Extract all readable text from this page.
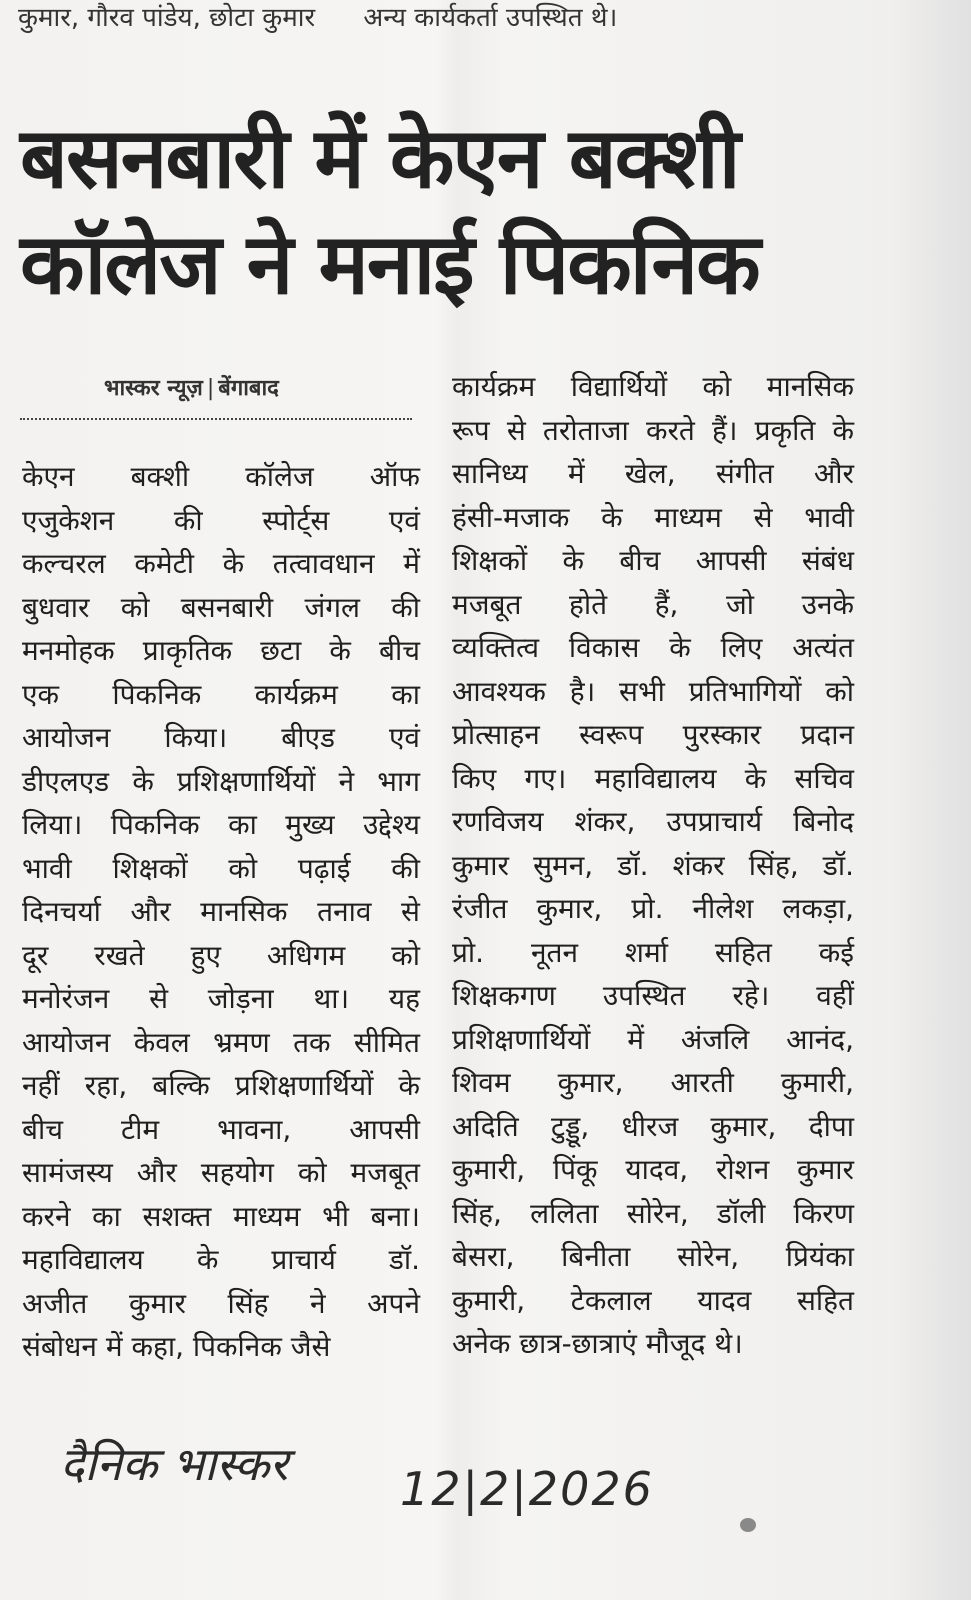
कुमार, गौरव पांडेय, छोटा कुमार अन्य कार्यकर्ता उपस्थित थे।
बसनबारी में केएन बक्शी
कॉलेज ने मनाई पिकनिक
भास्कर न्यूज़ | बेंगाबाद
केएन बक्शी कॉलेज ऑफ
एजुकेशन की स्पोर्ट्स एवं
कल्चरल कमेटी के तत्वावधान में
बुधवार को बसनबारी जंगल की
मनमोहक प्राकृतिक छटा के बीच
एक पिकनिक कार्यक्रम का
आयोजन किया। बीएड एवं
डीएलएड के प्रशिक्षणार्थियों ने भाग
लिया। पिकनिक का मुख्य उद्देश्य
भावी शिक्षकों को पढ़ाई की
दिनचर्या और मानसिक तनाव से
दूर रखते हुए अधिगम को
मनोरंजन से जोड़ना था। यह
आयोजन केवल भ्रमण तक सीमित
नहीं रहा, बल्कि प्रशिक्षणार्थियों के
बीच टीम भावना, आपसी
सामंजस्य और सहयोग को मजबूत
करने का सशक्त माध्यम भी बना।
महाविद्यालय के प्राचार्य डॉ.
अजीत कुमार सिंह ने अपने
संबोधन में कहा, पिकनिक जैसे
कार्यक्रम विद्यार्थियों को मानसिक
रूप से तरोताजा करते हैं। प्रकृति के
सानिध्य में खेल, संगीत और
हंसी-मजाक के माध्यम से भावी
शिक्षकों के बीच आपसी संबंध
मजबूत होते हैं, जो उनके
व्यक्तित्व विकास के लिए अत्यंत
आवश्यक है। सभी प्रतिभागियों को
प्रोत्साहन स्वरूप पुरस्कार प्रदान
किए गए। महाविद्यालय के सचिव
रणविजय शंकर, उपप्राचार्य बिनोद
कुमार सुमन, डॉ. शंकर सिंह, डॉ.
रंजीत कुमार, प्रो. नीलेश लकड़ा,
प्रो. नूतन शर्मा सहित कई
शिक्षकगण उपस्थित रहे। वहीं
प्रशिक्षणार्थियों में अंजलि आनंद,
शिवम कुमार, आरती कुमारी,
अदिति टुड्डू, धीरज कुमार, दीपा
कुमारी, पिंकू यादव, रोशन कुमार
सिंह, ललिता सोरेन, डॉली किरण
बेसरा, बिनीता सोरेन, प्रियंका
कुमारी, टेकलाल यादव सहित
अनेक छात्र-छात्राएं मौजूद थे।
दैनिक भास्कर 12|2|2026
